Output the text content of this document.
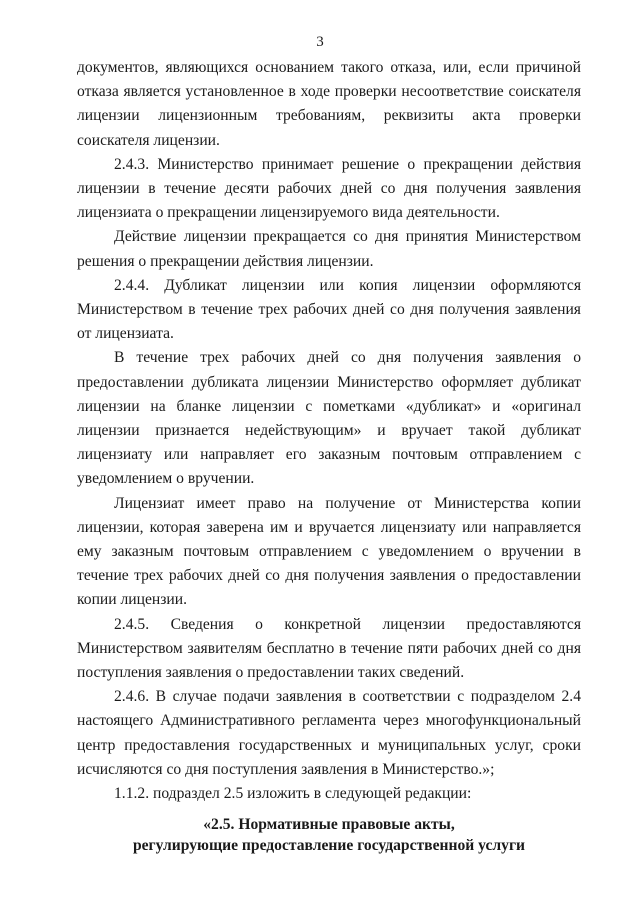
3

документов, являющихся основанием такого отказа, или, если причиной отказа является установленное в ходе проверки несоответствие соискателя лицензии лицензионным требованиям, реквизиты акта проверки соискателя лицензии.

2.4.3. Министерство принимает решение о прекращении действия лицензии в течение десяти рабочих дней со дня получения заявления лицензиата о прекращении лицензируемого вида деятельности.

Действие лицензии прекращается со дня принятия Министерством решения о прекращении действия лицензии.

2.4.4. Дубликат лицензии или копия лицензии оформляются Министерством в течение трех рабочих дней со дня получения заявления от лицензиата.

В течение трех рабочих дней со дня получения заявления о предоставлении дубликата лицензии Министерство оформляет дубликат лицензии на бланке лицензии с пометками «дубликат» и «оригинал лицензии признается недействующим» и вручает такой дубликат лицензиату или направляет его заказным почтовым отправлением с уведомлением о вручении.

Лицензиат имеет право на получение от Министерства копии лицензии, которая заверена им и вручается лицензиату или направляется ему заказным почтовым отправлением с уведомлением о вручении в течение трех рабочих дней со дня получения заявления о предоставлении копии лицензии.

2.4.5. Сведения о конкретной лицензии предоставляются Министерством заявителям бесплатно в течение пяти рабочих дней со дня поступления заявления о предоставлении таких сведений.

2.4.6. В случае подачи заявления в соответствии с подразделом 2.4 настоящего Административного регламента через многофункциональный центр предоставления государственных и муниципальных услуг, сроки исчисляются со дня поступления заявления в Министерство.»;

1.1.2. подраздел 2.5 изложить в следующей редакции:

«2.5. Нормативные правовые акты,
регулирующие предоставление государственной услуги
